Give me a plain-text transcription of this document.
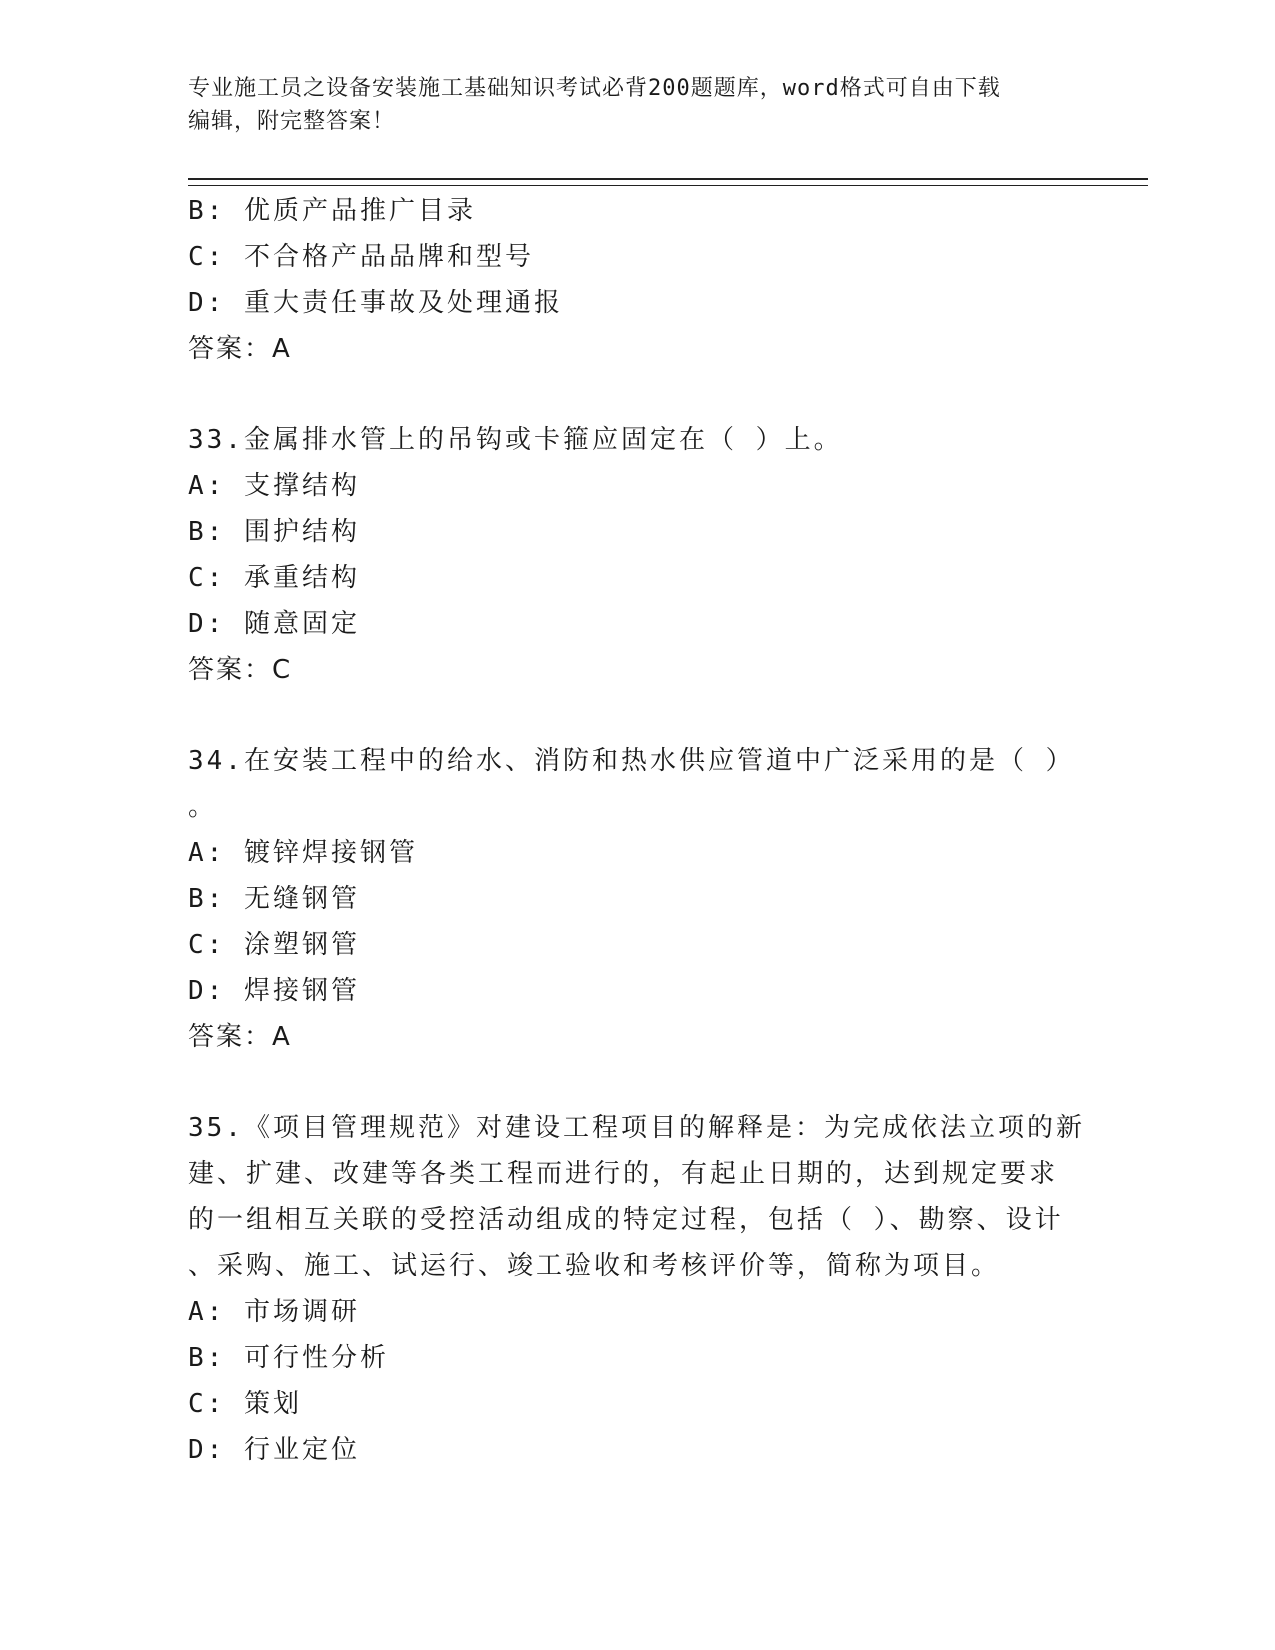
专业施工员之设备安装施工基础知识考试必背200题题库，word格式可自由下载
编辑，附完整答案！
B: 优质产品推广目录
C: 不合格产品品牌和型号
D: 重大责任事故及处理通报
答案：A
33.金属排水管上的吊钩或卡箍应固定在（ ）上。
A: 支撑结构
B: 围护结构
C: 承重结构
D: 随意固定
答案：C
34.在安装工程中的给水、消防和热水供应管道中广泛采用的是（ ）
。
A: 镀锌焊接钢管
B: 无缝钢管
C: 涂塑钢管
D: 焊接钢管
答案：A
35.《项目管理规范》对建设工程项目的解释是：为完成依法立项的新
建、扩建、改建等各类工程而进行的，有起止日期的，达到规定要求
的一组相互关联的受控活动组成的特定过程，包括（ ）、勘察、设计
、采购、施工、试运行、竣工验收和考核评价等，简称为项目。
A: 市场调研
B: 可行性分析
C: 策划
D: 行业定位
